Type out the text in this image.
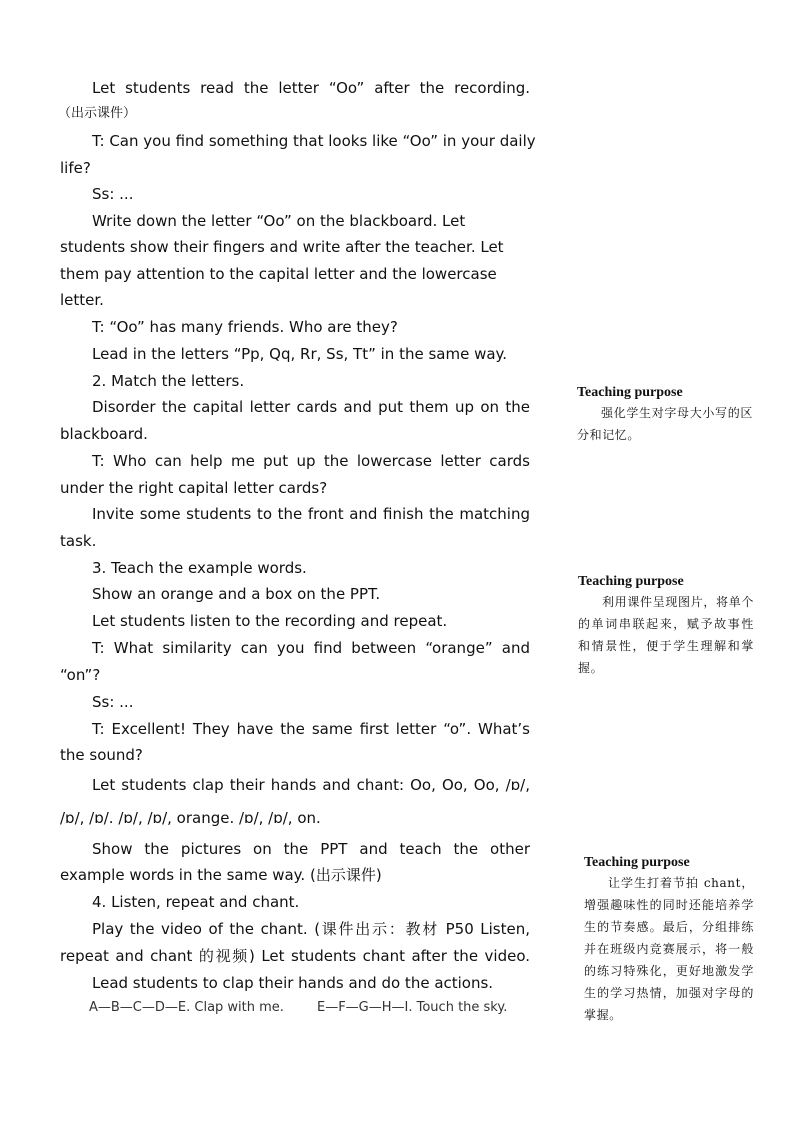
Let students read the letter “Oo” after the recording.
（出示课件）
T: Can you find something that looks like “Oo” in your daily
life?
Ss: ...
Write down the letter “Oo” on the blackboard. Let
students show their fingers and write after the teacher. Let
them pay attention to the capital letter and the lowercase
letter.
T: “Oo” has many friends. Who are they?
Lead in the letters “Pp, Qq, Rr, Ss, Tt” in the same way.
2. Match the letters.
Disorder the capital letter cards and put them up on the
blackboard.
T: Who can help me put up the lowercase letter cards
under the right capital letter cards?
Invite some students to the front and finish the matching
task.
3. Teach the example words.
Show an orange and a box on the PPT.
Let students listen to the recording and repeat.
T: What similarity can you find between “orange” and
“on”?
Ss: ...
T: Excellent! They have the same first letter “o”. What’s
the sound?
Let students clap their hands and chant: Oo, Oo, Oo, /ɒ/,
/ɒ/, /ɒ/. /ɒ/, /ɒ/, orange. /ɒ/, /ɒ/, on.
Show the pictures on the PPT and teach the other
example words in the same way. (出示课件)
4. Listen, repeat and chant.
Play the video of the chant. (课件出示：教材 P50 Listen,
repeat and chant 的视频) Let students chant after the video.
Lead students to clap their hands and do the actions.
A—B—C—D—E. Clap with me.        E—F—G—H—I. Touch the sky.
Teaching purpose
强化学生对字母大小写的区分和记忆。
Teaching purpose
利用课件呈现图片，将单个的单词串联起来，赋予故事性和情景性，便于学生理解和掌握。
Teaching purpose
让学生打着节拍 chant，增强趣味性的同时还能培养学生的节奏感。最后，分组排练并在班级内竞赛展示，将一般的练习特殊化，更好地激发学生的学习热情，加强对字母的掌握。
